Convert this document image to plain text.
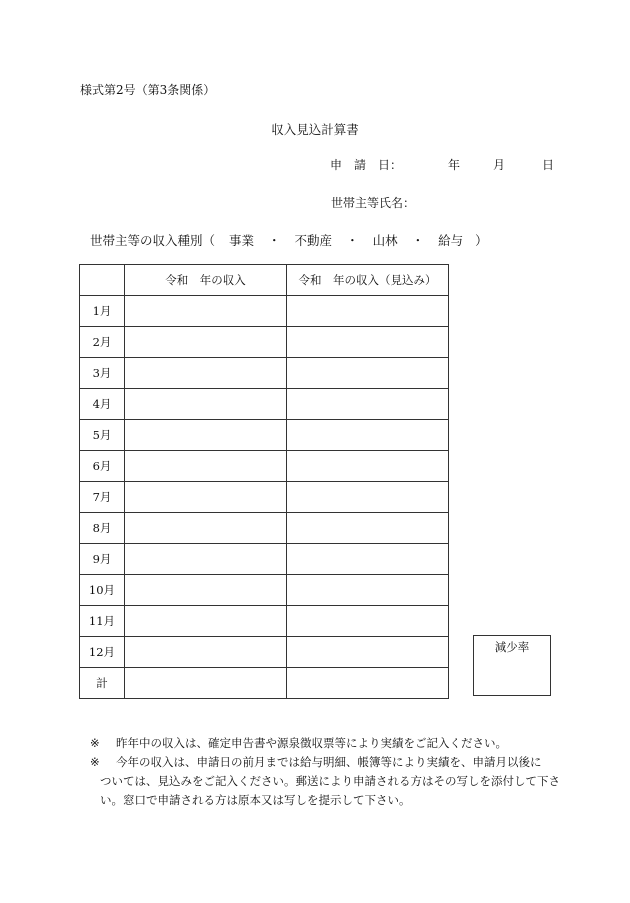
様式第2号（第3条関係）
収入見込計算書
申　請　日：	年	月	日
世帯主等氏名：
世帯主等の収入種別（ 事業 ・ 不動産 ・ 山林 ・ 給与 ）
	令和　年の収入	令和　年の収入（見込み）
1月		
2月		
3月		
4月		
5月		
6月		
7月		
8月		
9月		
10月		
11月		
12月		
計		
減少率
※ 昨年中の収入は、確定申告書や源泉徴収票等により実績をご記入ください。
※ 今年の収入は、申請日の前月までは給与明細、帳簿等により実績を、申請月以後に
ついては、見込みをご記入ください。郵送により申請される方はその写しを添付して下さい。窓口で申請される方は原本又は写しを提示して下さい。
